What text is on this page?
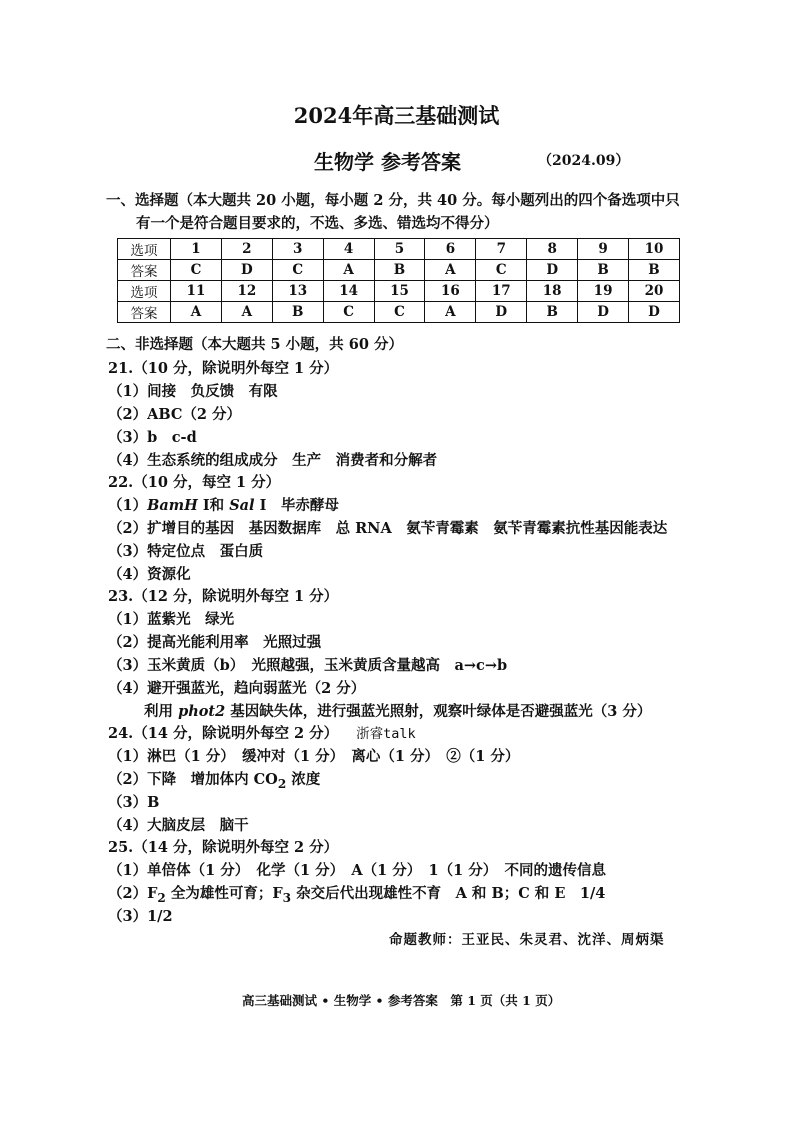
2024年高三基础测试
生物学 参考答案	（2024.09）
一、选择题（本大题共 20 小题，每小题 2 分，共 40 分。每小题列出的四个备选项中只
有一个是符合题目要求的，不选、多选、错选均不得分）
选项	1	2	3	4	5	6	7	8	9	10
答案	C	D	C	A	B	A	C	D	B	B
选项	11	12	13	14	15	16	17	18	19	20
答案	A	A	B	C	C	A	D	B	D	D
二、非选择题（本大题共 5 小题，共 60 分）
21.（10 分，除说明外每空 1 分）
（1）间接　负反馈　有限
（2）ABC（2 分）
（3）b　c-d
（4）生态系统的组成成分　生产　消费者和分解者
22.（10 分，每空 1 分）
（1）BamH Ⅰ和 Sal Ⅰ　毕赤酵母
（2）扩增目的基因　基因数据库　总 RNA　氨苄青霉素　氨苄青霉素抗性基因能表达
（3）特定位点　蛋白质
（4）资源化
23.（12 分，除说明外每空 1 分）
（1）蓝紫光　绿光
（2）提高光能利用率　光照过强
（3）玉米黄质（b）　光照越强，玉米黄质含量越高　a→c→b
（4）避开强蓝光，趋向弱蓝光（2 分）
利用 phot2 基因缺失体，进行强蓝光照射，观察叶绿体是否避强蓝光（3 分）
24.（14 分，除说明外每空 2 分） 浙睿talk
（1）淋巴（1 分）　缓冲对（1 分）　离心（1 分）　②（1 分）
（2）下降　增加体内 $CO_2$ 浓度
（3）B
（4）大脑皮层　脑干
25.（14 分，除说明外每空 2 分）
（1）单倍体（1 分）　化学（1 分）　A（1 分）　1（1 分）　不同的遗传信息
$(2)F_2$ 全为雄性可育；$F_3$ 杂交后代出现雄性不育　A 和 B；C 和 E　1/4
（3）1/2
命题教师：王亚民、朱灵君、沈洋、周炳渠
高三基础测试 • 生物学 • 参考答案　第 1 页（共 1 页）
